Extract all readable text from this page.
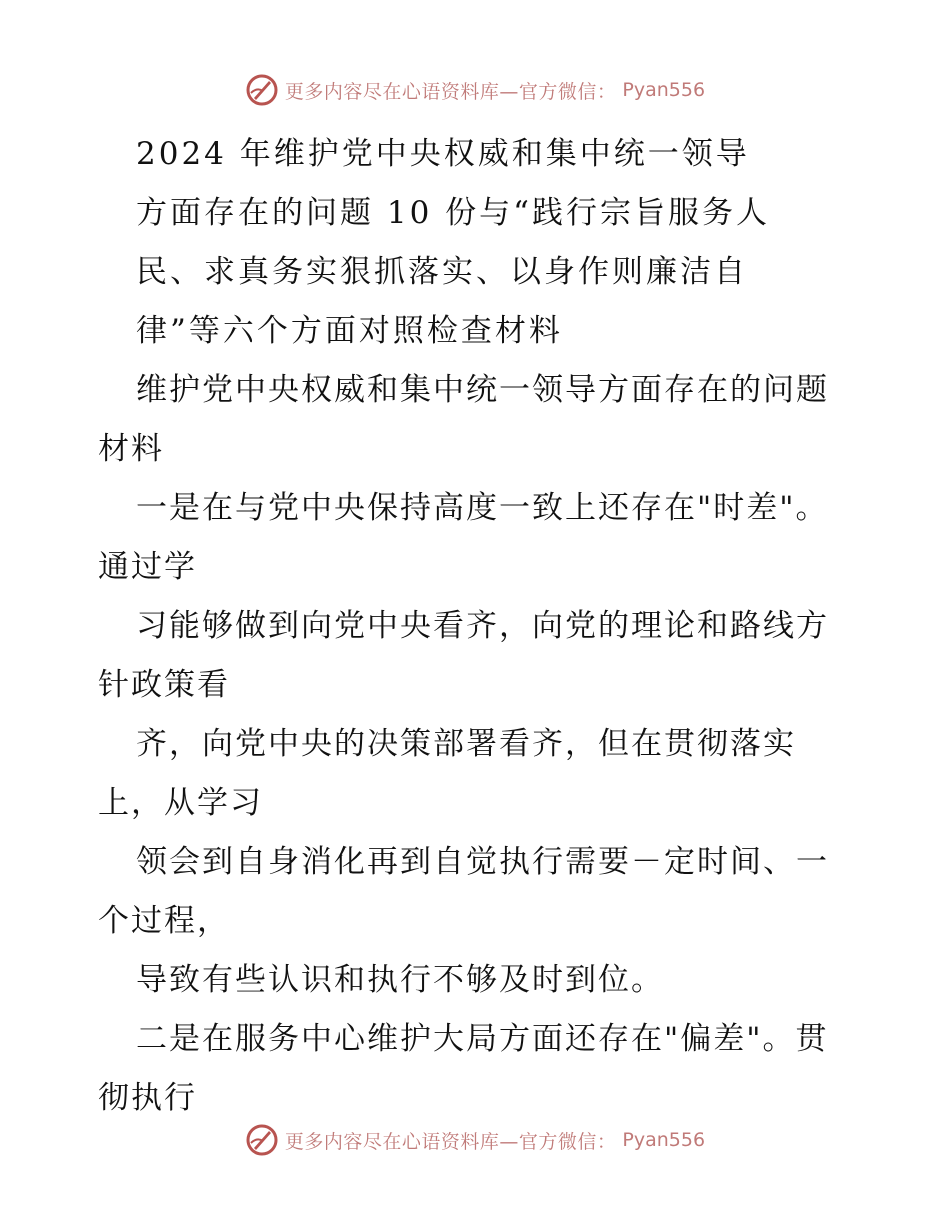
更多内容尽在心语资料库—官方微信： Pyan556
2024 年维护党中央权威和集中统一领导
方面存在的问题 10 份与“践行宗旨服务人
民、求真务实狠抓落实、以身作则廉洁自
律”等六个方面对照检查材料
维护党中央权威和集中统一领导方面存在的问题
材料
一是在与党中央保持高度一致上还存在"时差"。
通过学
习能够做到向党中央看齐，向党的理论和路线方
针政策看
齐，向党中央的决策部署看齐，但在贯彻落实
上，从学习
领会到自身消化再到自觉执行需要－定时间、一
个过程，
导致有些认识和执行不够及时到位。
二是在服务中心维护大局方面还存在"偏差"。贯
彻执行
更多内容尽在心语资料库—官方微信： Pyan556
